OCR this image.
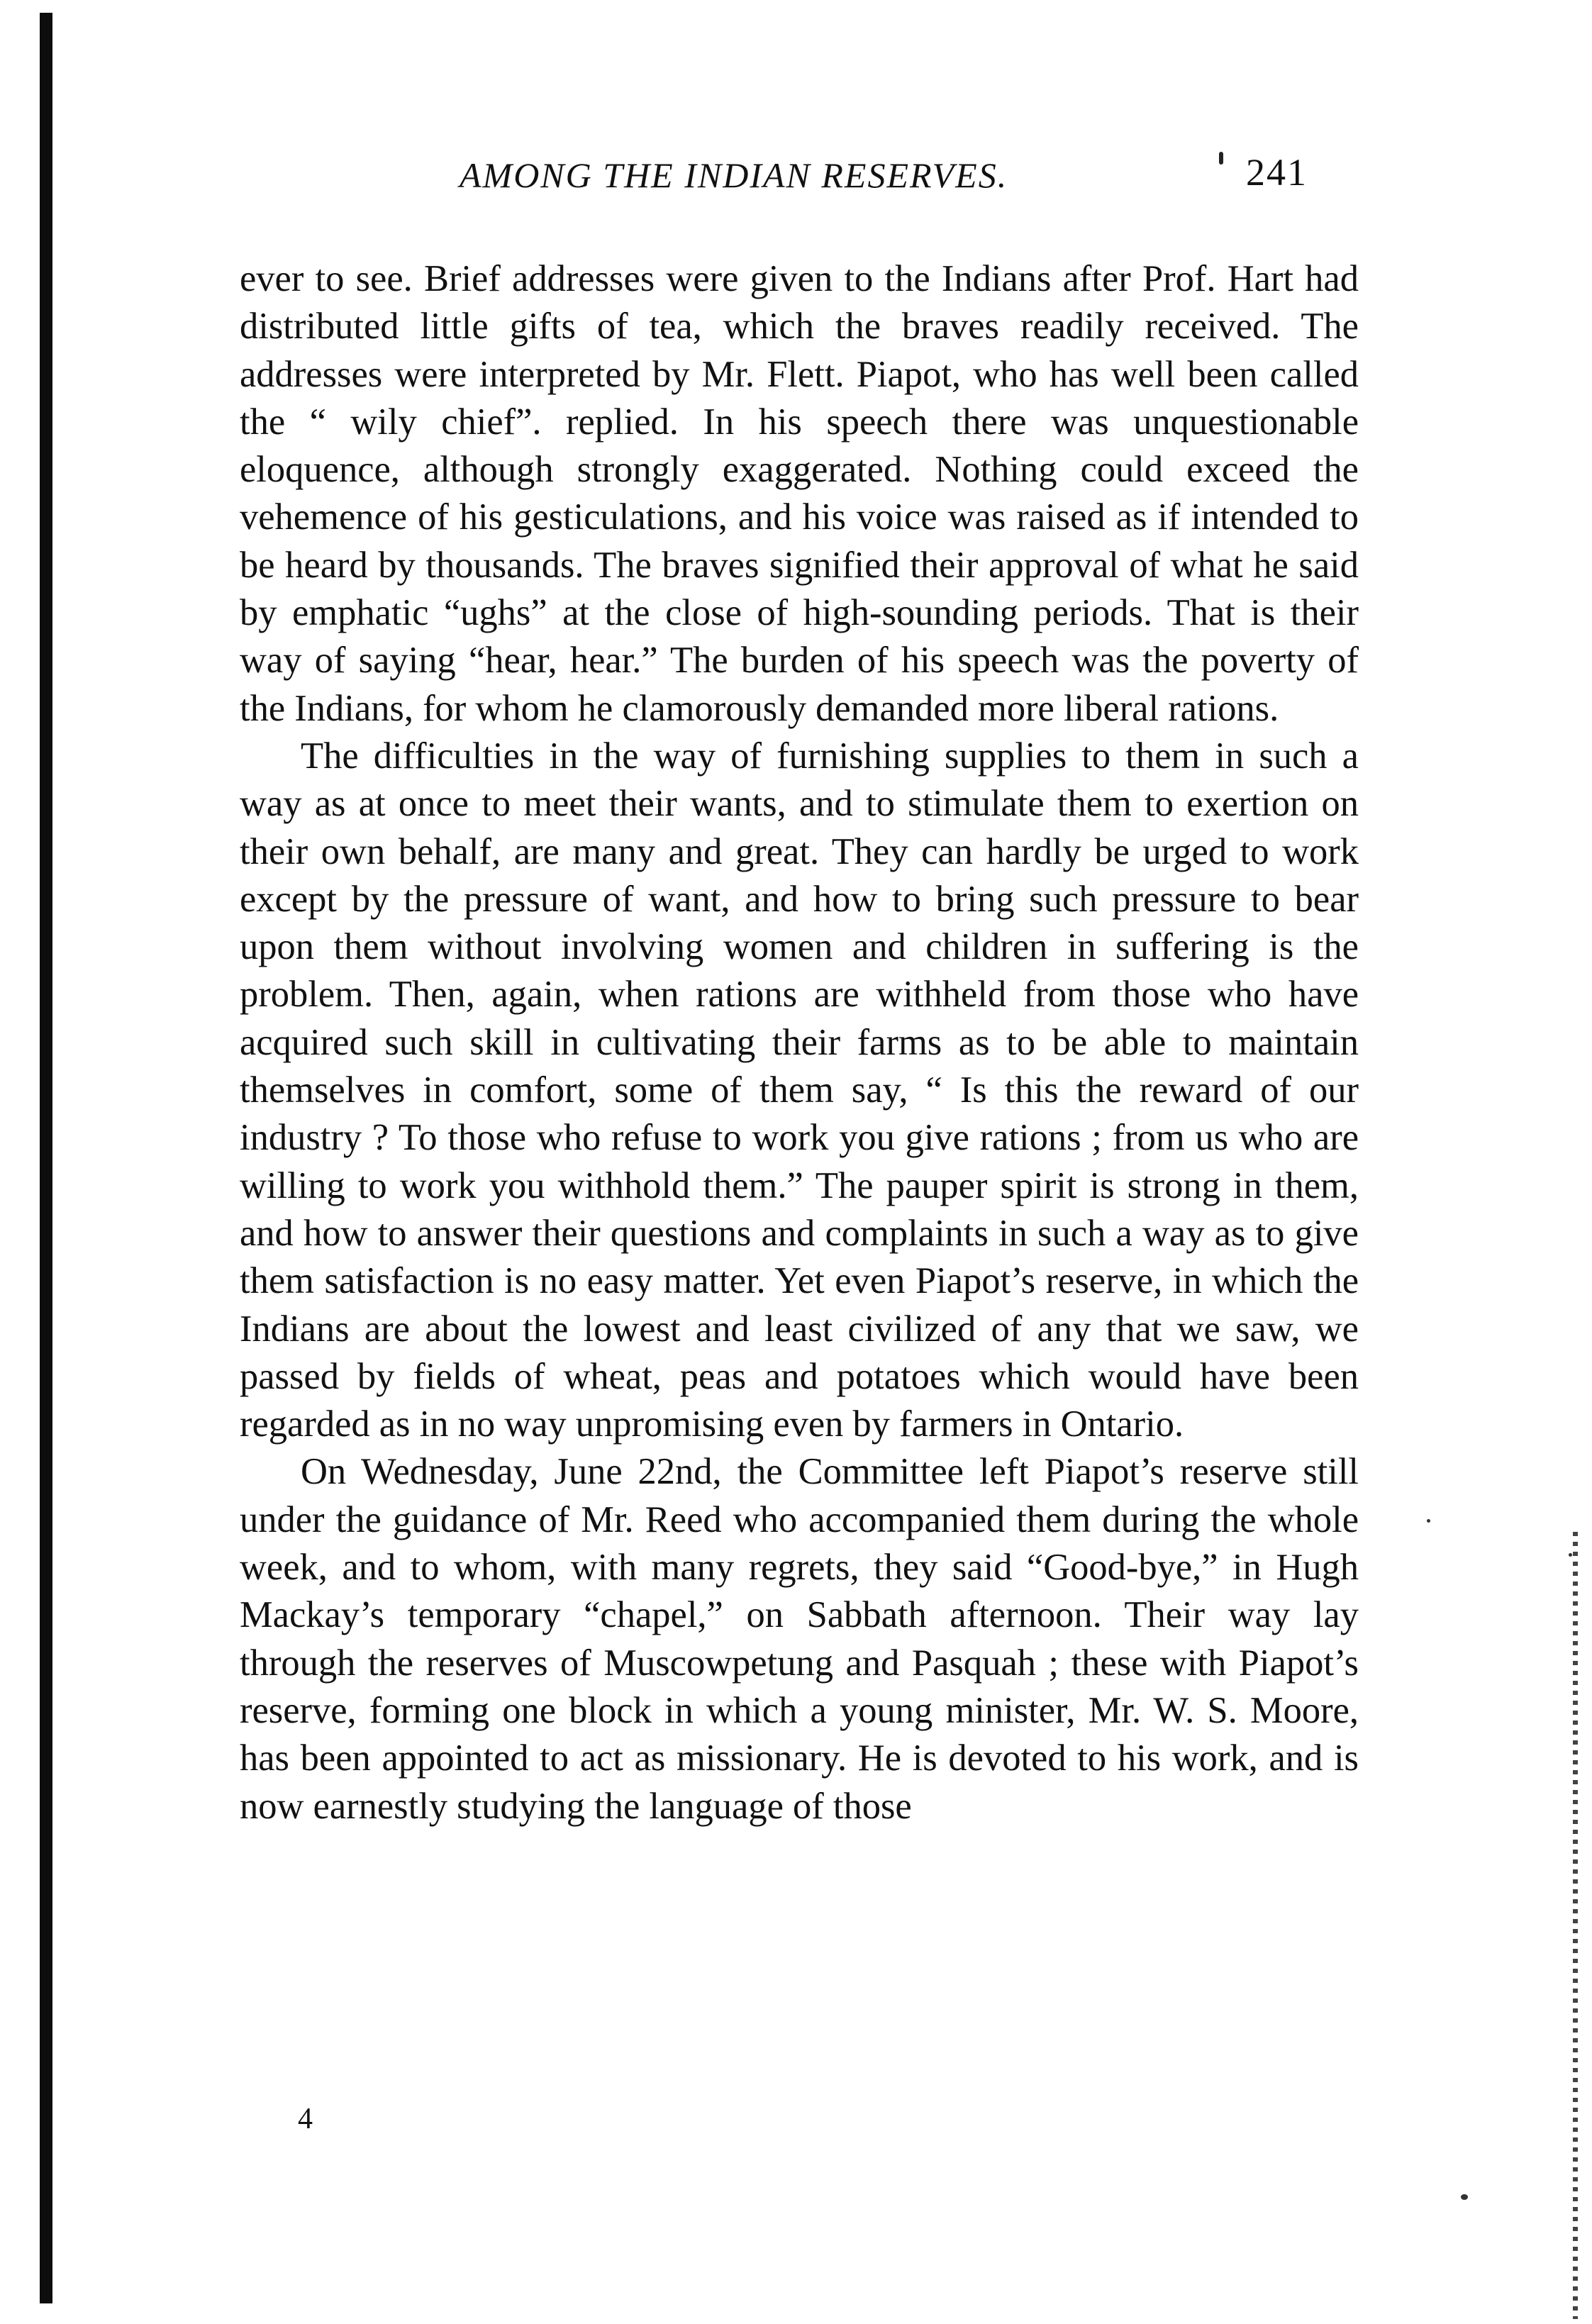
AMONG THE INDIAN RESERVES.	241

ever to see. Brief addresses were given to the Indians after Prof. Hart had distributed little gifts of tea, which the braves readily received. The addresses were interpreted by Mr. Flett. Piapot, who has well been called the “ wily chief”. replied. In his speech there was unquestionable eloquence, although strongly exaggerated. Nothing could exceed the vehemence of his gesticulations, and his voice was raised as if intended to be heard by thousands. The braves signified their approval of what he said by emphatic “ughs” at the close of high-sounding periods. That is their way of saying “hear, hear.” The burden of his speech was the poverty of the Indians, for whom he clamorously demanded more liberal rations.

The difficulties in the way of furnishing supplies to them in such a way as at once to meet their wants, and to stimulate them to exertion on their own behalf, are many and great. They can hardly be urged to work except by the pressure of want, and how to bring such pressure to bear upon them without involving women and children in suffering is the problem. Then, again, when rations are withheld from those who have acquired such skill in cultivating their farms as to be able to maintain themselves in comfort, some of them say, “ Is this the reward of our industry ? To those who refuse to work you give rations ; from us who are willing to work you withhold them.” The pauper spirit is strong in them, and how to answer their questions and complaints in such a way as to give them satisfaction is no easy matter. Yet even Piapot’s reserve, in which the Indians are about the lowest and least civilized of any that we saw, we passed by fields of wheat, peas and potatoes which would have been regarded as in no way unpromising even by farmers in Ontario.

On Wednesday, June 22nd, the Committee left Piapot’s reserve still under the guidance of Mr. Reed who accompanied them during the whole week, and to whom, with many regrets, they said “Good-bye,” in Hugh Mackay’s temporary “chapel,” on Sabbath afternoon. Their way lay through the reserves of Muscowpetung and Pasquah ; these with Piapot’s reserve, forming one block in which a young minister, Mr. W. S. Moore, has been appointed to act as missionary. He is devoted to his work, and is now earnestly studying the language of those

4
